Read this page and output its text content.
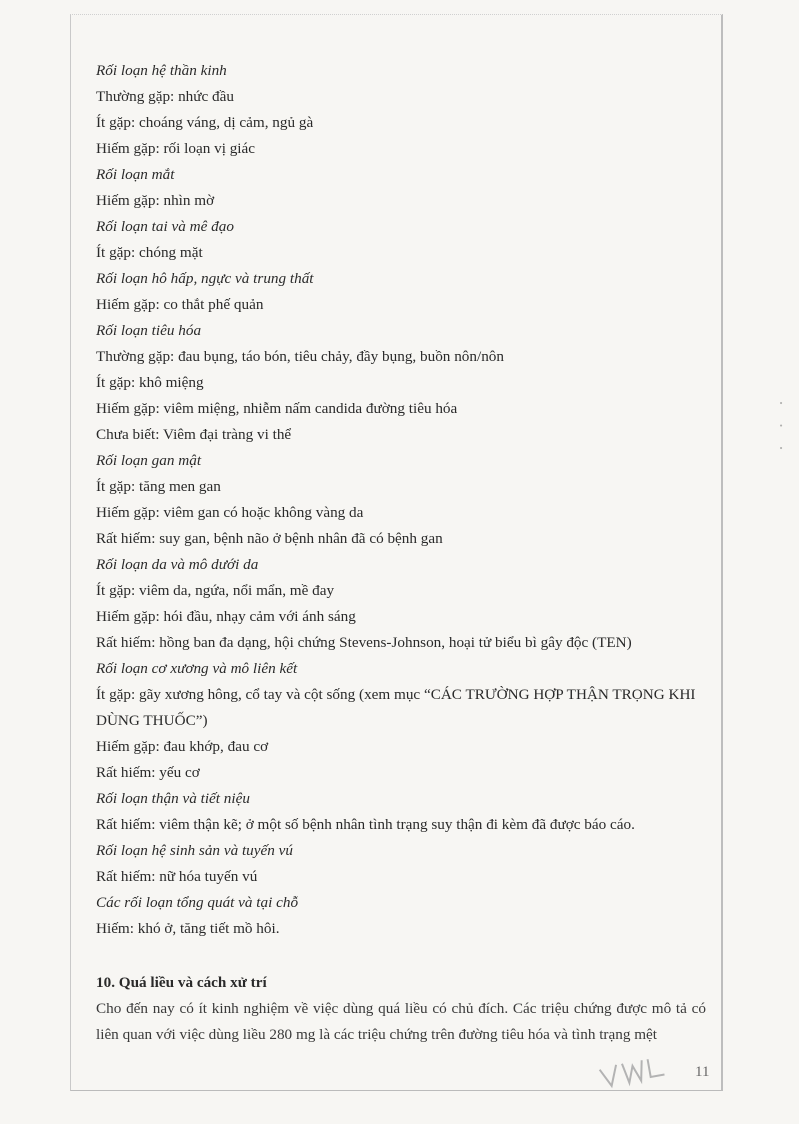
· · ·
Rối loạn hệ thần kinh
Thường gặp: nhức đầu
Ít gặp: choáng váng, dị cảm, ngủ gà
Hiếm gặp: rối loạn vị giác
Rối loạn mắt
Hiếm gặp: nhìn mờ
Rối loạn tai và mê đạo
Ít gặp: chóng mặt
Rối loạn hô hấp, ngực và trung thất
Hiếm gặp: co thắt phế quản
Rối loạn tiêu hóa
Thường gặp: đau bụng, táo bón, tiêu chảy, đầy bụng, buồn nôn/nôn
Ít gặp: khô miệng
Hiếm gặp: viêm miệng, nhiễm nấm candida đường tiêu hóa
Chưa biết: Viêm đại tràng vi thể
Rối loạn gan mật
Ít gặp: tăng men gan
Hiếm gặp: viêm gan có hoặc không vàng da
Rất hiếm: suy gan, bệnh não ở bệnh nhân đã có bệnh gan
Rối loạn da và mô dưới da
Ít gặp: viêm da, ngứa, nổi mẩn, mề đay
Hiếm gặp: hói đầu, nhạy cảm với ánh sáng
Rất hiếm: hồng ban đa dạng, hội chứng Stevens-Johnson, hoại tử biểu bì gây độc (TEN)
Rối loạn cơ xương và mô liên kết
Ít gặp: gãy xương hông, cổ tay và cột sống (xem mục “CÁC TRƯỜNG HỢP THẬN TRỌNG KHI DÙNG THUỐC”)
Hiếm gặp: đau khớp, đau cơ
Rất hiếm: yếu cơ
Rối loạn thận và tiết niệu
Rất hiếm: viêm thận kẽ; ở một số bệnh nhân tình trạng suy thận đi kèm đã được báo cáo.
Rối loạn hệ sinh sản và tuyến vú
Rất hiếm: nữ hóa tuyến vú
Các rối loạn tổng quát và tại chỗ
Hiếm: khó ở, tăng tiết mồ hôi.
10. Quá liều và cách xử trí
Cho đến nay có ít kinh nghiệm về việc dùng quá liều có chủ đích. Các triệu chứng được mô tả có liên quan với việc dùng liều 280 mg là các triệu chứng trên đường tiêu hóa và tình trạng mệt
11
